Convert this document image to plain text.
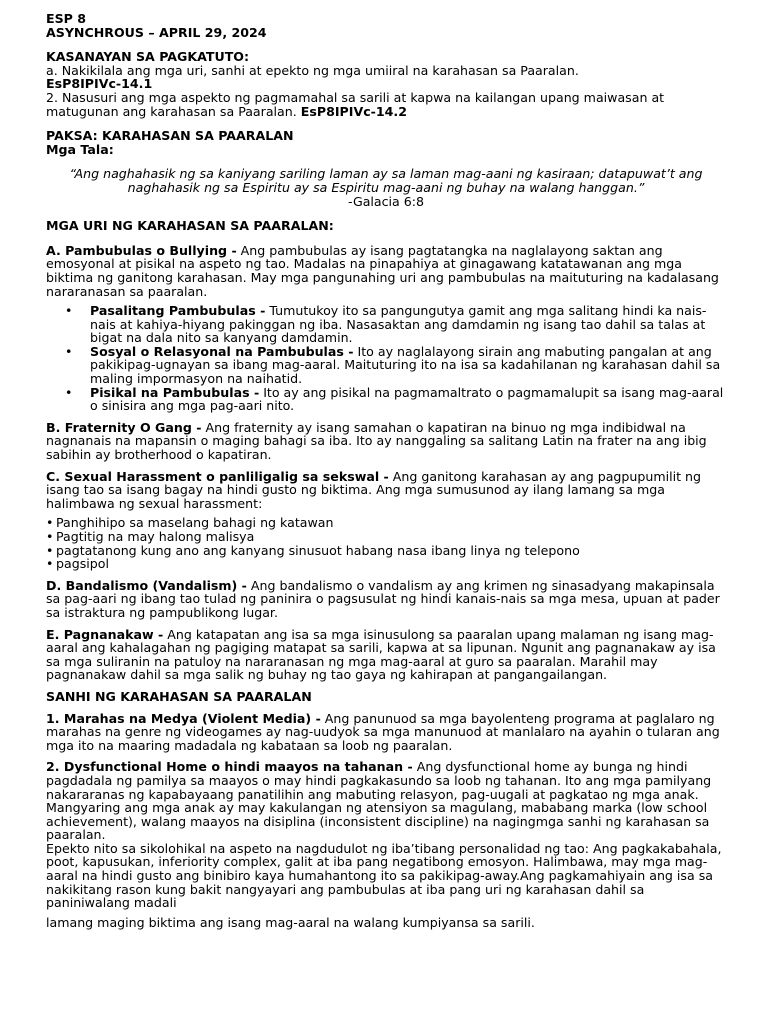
ESP 8

ASYNCHROUS – APRIL 29, 2024

KASANAYAN SA PAGKATUTO:

a. Nakikilala ang mga uri, sanhi at epekto ng mga umiiral na karahasan sa Paaralan.

EsP8IPIVc-14.1

2. Nasusuri ang mga aspekto ng pagmamahal sa sarili at kapwa na kailangan upang maiwasan at matugunan ang karahasan sa Paaralan. EsP8IPIVc-14.2

PAKSA: KARAHASAN SA PAARALAN

Mga Tala:

“Ang naghahasik ng sa kaniyang sariling laman ay sa laman mag-aani ng kasiraan; datapuwat’t ang naghahasik ng sa Espiritu ay sa Espiritu mag-aani ng buhay na walang hanggan.”

-Galacia 6:8

MGA URI NG KARAHASAN SA PAARALAN:

A. Pambubulas o Bullying - Ang pambubulas ay isang pagtatangka na naglalayong saktan ang emosyonal at pisikal na aspeto ng tao. Madalas na pinapahiya at ginagawang katatawanan ang mga biktima ng ganitong karahasan. May mga pangunahing uri ang pambubulas na maituturing na kadalasang nararanasan sa paaralan.

• Pasalitang Pambubulas - Tumutukoy ito sa pangungutya gamit ang mga salitang hindi ka nais-nais at kahiya-hiyang pakinggan ng iba. Nasasaktan ang damdamin ng isang tao dahil sa talas at bigat na dala nito sa kanyang damdamin.
• Sosyal o Relasyonal na Pambubulas - Ito ay naglalayong sirain ang mabuting pangalan at ang pakikipag-ugnayan sa ibang mag-aaral. Maituturing ito na isa sa kadahilanan ng karahasan dahil sa maling impormasyon na naihatid.
• Pisikal na Pambubulas - Ito ay ang pisikal na pagmamaltrato o pagmamalupit sa isang mag-aaral o sinisira ang mga pag-aari nito.

B. Fraternity O Gang - Ang fraternity ay isang samahan o kapatiran na binuo ng mga indibidwal na nagnanais na mapansin o maging bahagi sa iba. Ito ay nanggaling sa salitang Latin na frater na ang ibig sabihin ay brotherhood o kapatiran.

C. Sexual Harassment o panliligalig sa sekswal - Ang ganitong karahasan ay ang pagpupumilit ng isang tao sa isang bagay na hindi gusto ng biktima. Ang mga sumusunod ay ilang lamang sa mga halimbawa ng sexual harassment:

• Panghihipo sa maselang bahagi ng katawan
• Pagtitig na may halong malisya
• pagtatanong kung ano ang kanyang sinusuot habang nasa ibang linya ng telepono
• pagsipol

D. Bandalismo (Vandalism) - Ang bandalismo o vandalism ay ang krimen ng sinasadyang makapinsala sa pag-aari ng ibang tao tulad ng paninira o pagsusulat ng hindi kanais-nais sa mga mesa, upuan at pader sa istraktura ng pampublikong lugar.

E. Pagnanakaw - Ang katapatan ang isa sa mga isinusulong sa paaralan upang malaman ng isang mag-aaral ang kahalagahan ng pagiging matapat sa sarili, kapwa at sa lipunan. Ngunit ang pagnanakaw ay isa sa mga suliranin na patuloy na nararanasan ng mga mag-aaral at guro sa paaralan. Marahil may pagnanakaw dahil sa mga salik ng buhay ng tao gaya ng kahirapan at pangangailangan.

SANHI NG KARAHASAN SA PAARALAN

1. Marahas na Medya (Violent Media) - Ang panunuod sa mga bayolenteng programa at paglalaro ng marahas na genre ng videogames ay nag-uudyok sa mga manunuod at manlalaro na ayahin o tularan ang mga ito na maaring madadala ng kabataan sa loob ng paaralan.

2. Dysfunctional Home o hindi maayos na tahanan - Ang dysfunctional home ay bunga ng hindi pagdadala ng pamilya sa maayos o may hindi pagkakasundo sa loob ng tahanan. Ito ang mga pamilyang nakararanas ng kapabayaang panatilihin ang mabuting relasyon, pag-uugali at pagkatao ng mga anak. Mangyaring ang mga anak ay may kakulangan ng atensiyon sa magulang, mababang marka (low school achievement), walang maayos na disiplina (inconsistent discipline) na nagingmga sanhi ng karahasan sa paaralan.

Epekto nito sa sikolohikal na aspeto na nagdudulot ng iba’tibang personalidad ng tao: Ang pagkakabahala, poot, kapusukan, inferiority complex, galit at iba pang negatibong emosyon. Halimbawa, may mga mag-aaral na hindi gusto ang binibiro kaya humahantong ito sa pakikipag-away.Ang pagkamahiyain ang isa sa nakikitang rason kung bakit nangyayari ang pambubulas at iba pang uri ng karahasan dahil sa paniniwalang madali

lamang maging biktima ang isang mag-aaral na walang kumpiyansa sa sarili.
